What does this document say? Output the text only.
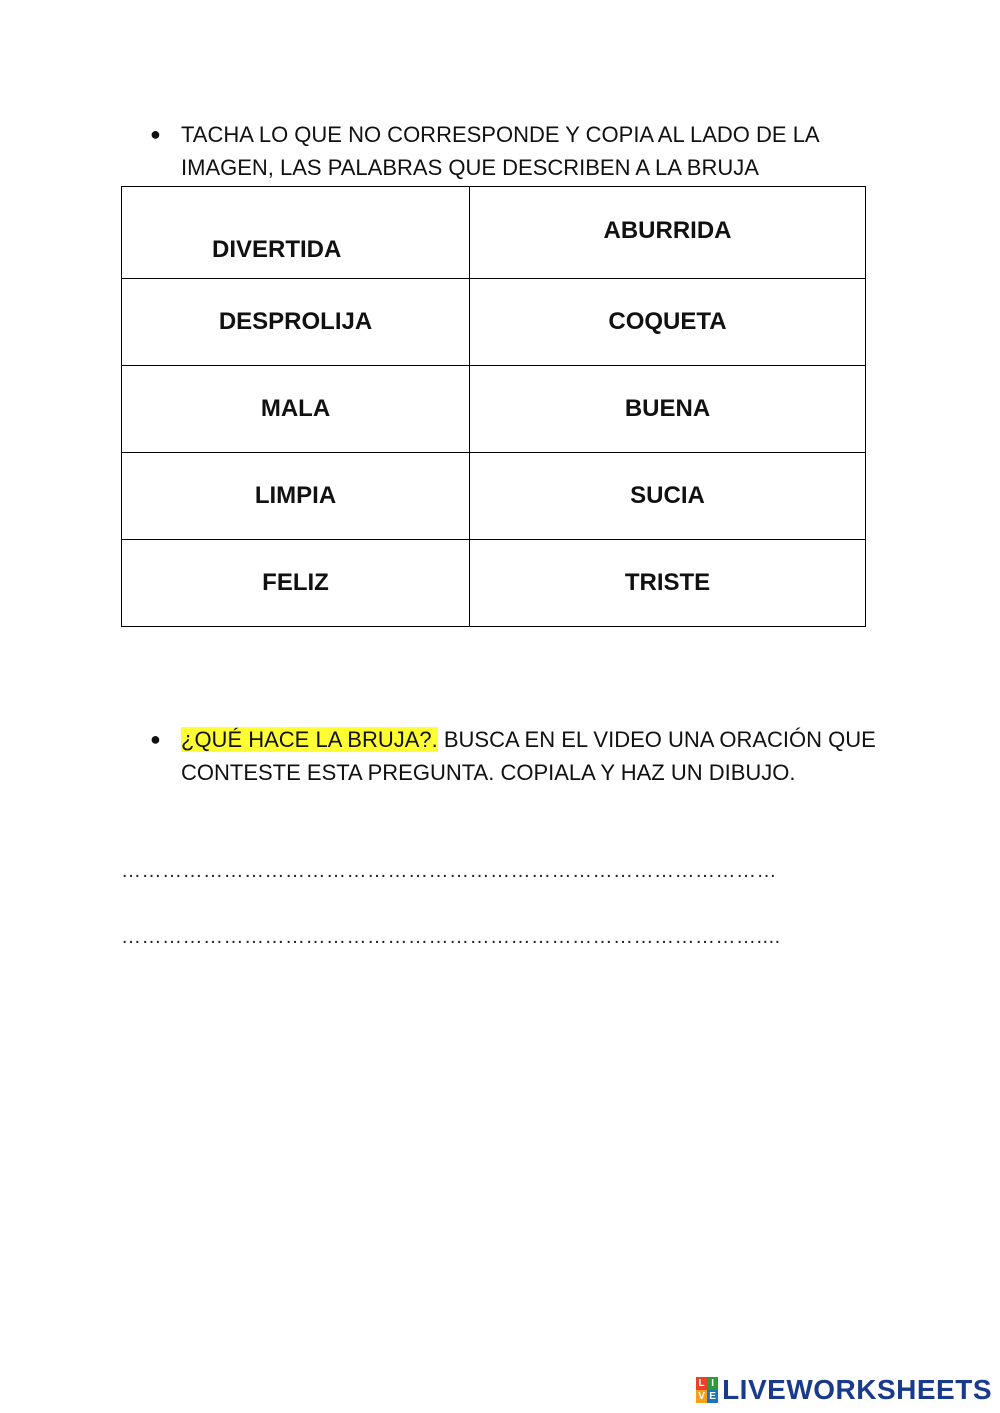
● TACHA LO QUE NO CORRESPONDE Y COPIA AL LADO DE LA IMAGEN, LAS PALABRAS QUE DESCRIBEN A LA BRUJA
DIVERTIDA	ABURRIDA
DESPROLIJA	COQUETA
MALA	BUENA
LIMPIA	SUCIA
FELIZ	TRISTE
● ¿QUÉ HACE LA BRUJA?. BUSCA EN EL VIDEO UNA ORACIÓN QUE CONTESTE ESTA PREGUNTA. COPIALA Y HAZ UN DIBUJO.
……………………………………………………………………………………
…………………………………………………………………………………....
L I
V E LIVEWORKSHEETS
